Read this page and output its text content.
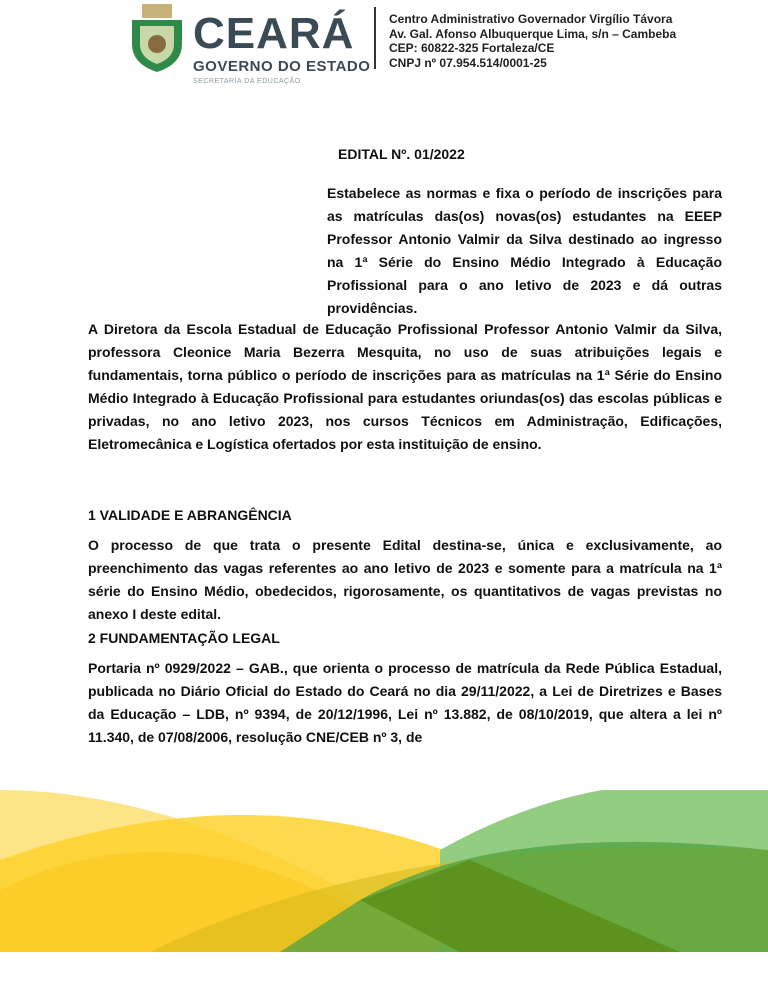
CEARÁ
GOVERNO DO ESTADO
SECRETARIA DA EDUCAÇÃO
Centro Administrativo Governador Virgílio Távora
Av. Gal. Afonso Albuquerque Lima, s/n – Cambeba
CEP: 60822-325 Fortaleza/CE
CNPJ nº 07.954.514/0001-25
EDITAL Nº. 01/2022
Estabelece as normas e fixa o período de inscrições para as matrículas das(os) novas(os) estudantes na EEEP Professor Antonio Valmir da Silva destinado ao ingresso na 1ª Série do Ensino Médio Integrado à Educação Profissional para o ano letivo de 2023 e dá outras providências.
A Diretora da Escola Estadual de Educação Profissional Professor Antonio Valmir da Silva, professora Cleonice Maria Bezerra Mesquita, no uso de suas atribuições legais e fundamentais, torna público o período de inscrições para as matrículas na 1ª Série do Ensino Médio Integrado à Educação Profissional para estudantes oriundas(os) das escolas públicas e privadas, no ano letivo 2023, nos cursos Técnicos em Administração, Edificações, Eletromecânica e Logística ofertados por esta instituição de ensino.
1 VALIDADE E ABRANGÊNCIA
O processo de que trata o presente Edital destina-se, única e exclusivamente, ao preenchimento das vagas referentes ao ano letivo de 2023 e somente para a matrícula na 1ª série do Ensino Médio, obedecidos, rigorosamente, os quantitativos de vagas previstas no anexo I deste edital.
2 FUNDAMENTAÇÃO LEGAL
Portaria nº 0929/2022 – GAB., que orienta o processo de matrícula da Rede Pública Estadual, publicada no Diário Oficial do Estado do Ceará no dia 29/11/2022, a Lei de Diretrizes e Bases da Educação – LDB, nº 9394, de 20/12/1996, Lei nº 13.882, de 08/10/2019, que altera a lei nº 11.340, de 07/08/2006, resolução CNE/CEB nº 3, de
